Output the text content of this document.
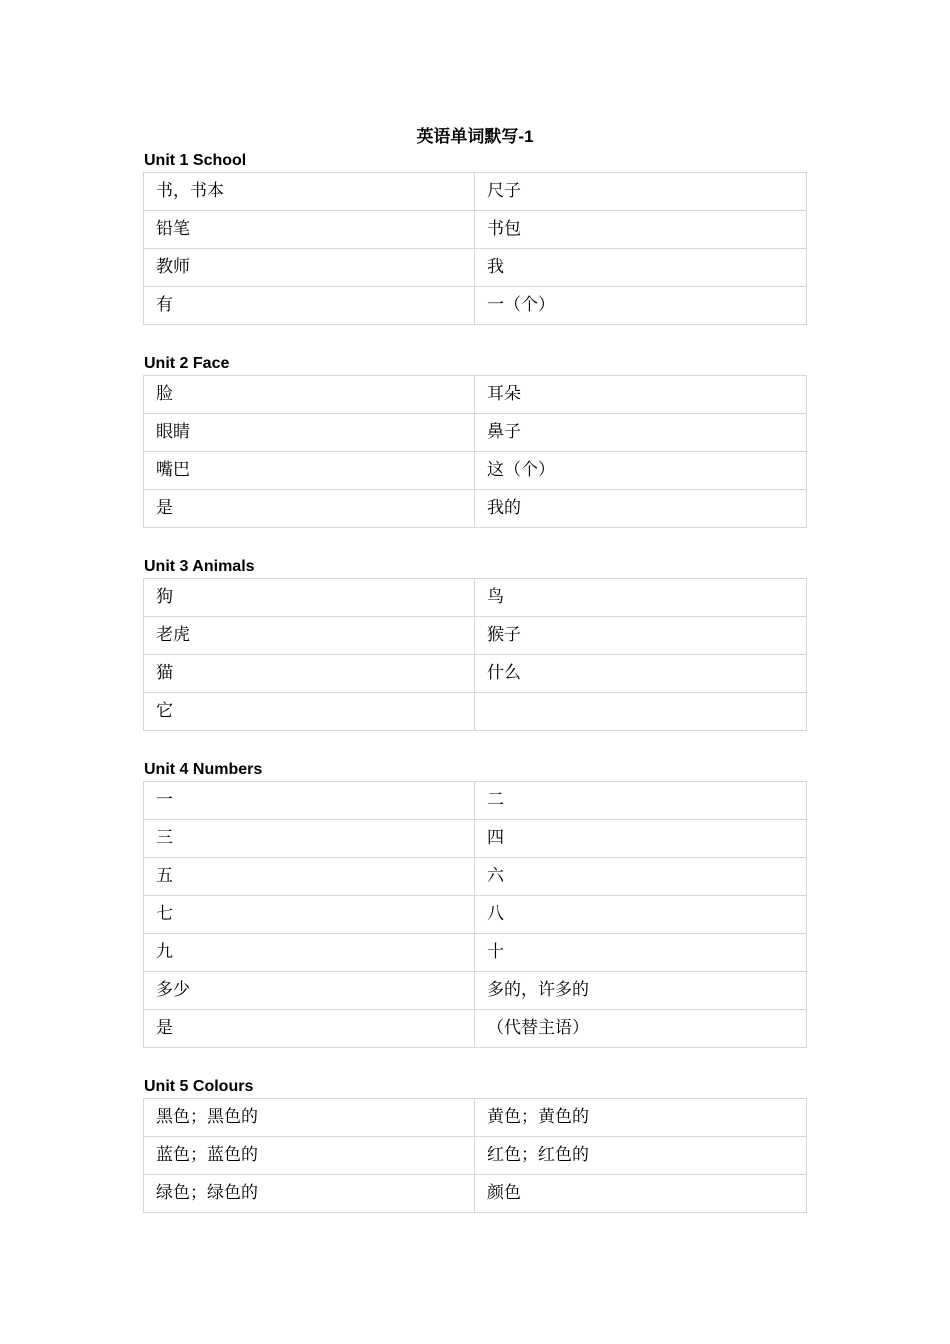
英语单词默写-1
Unit 1 School
书，书本	尺子
铅笔	书包
教师	我
有	一（个）
Unit 2 Face
脸	耳朵
眼睛	鼻子
嘴巴	这（个）
是	我的
Unit 3 Animals
狗	鸟
老虎	猴子
猫	什么
它	
Unit 4 Numbers
一	二
三	四
五	六
七	八
九	十
多少	多的，许多的
是	（代替主语）
Unit 5 Colours
黑色；黑色的	黄色；黄色的
蓝色；蓝色的	红色；红色的
绿色；绿色的	颜色
